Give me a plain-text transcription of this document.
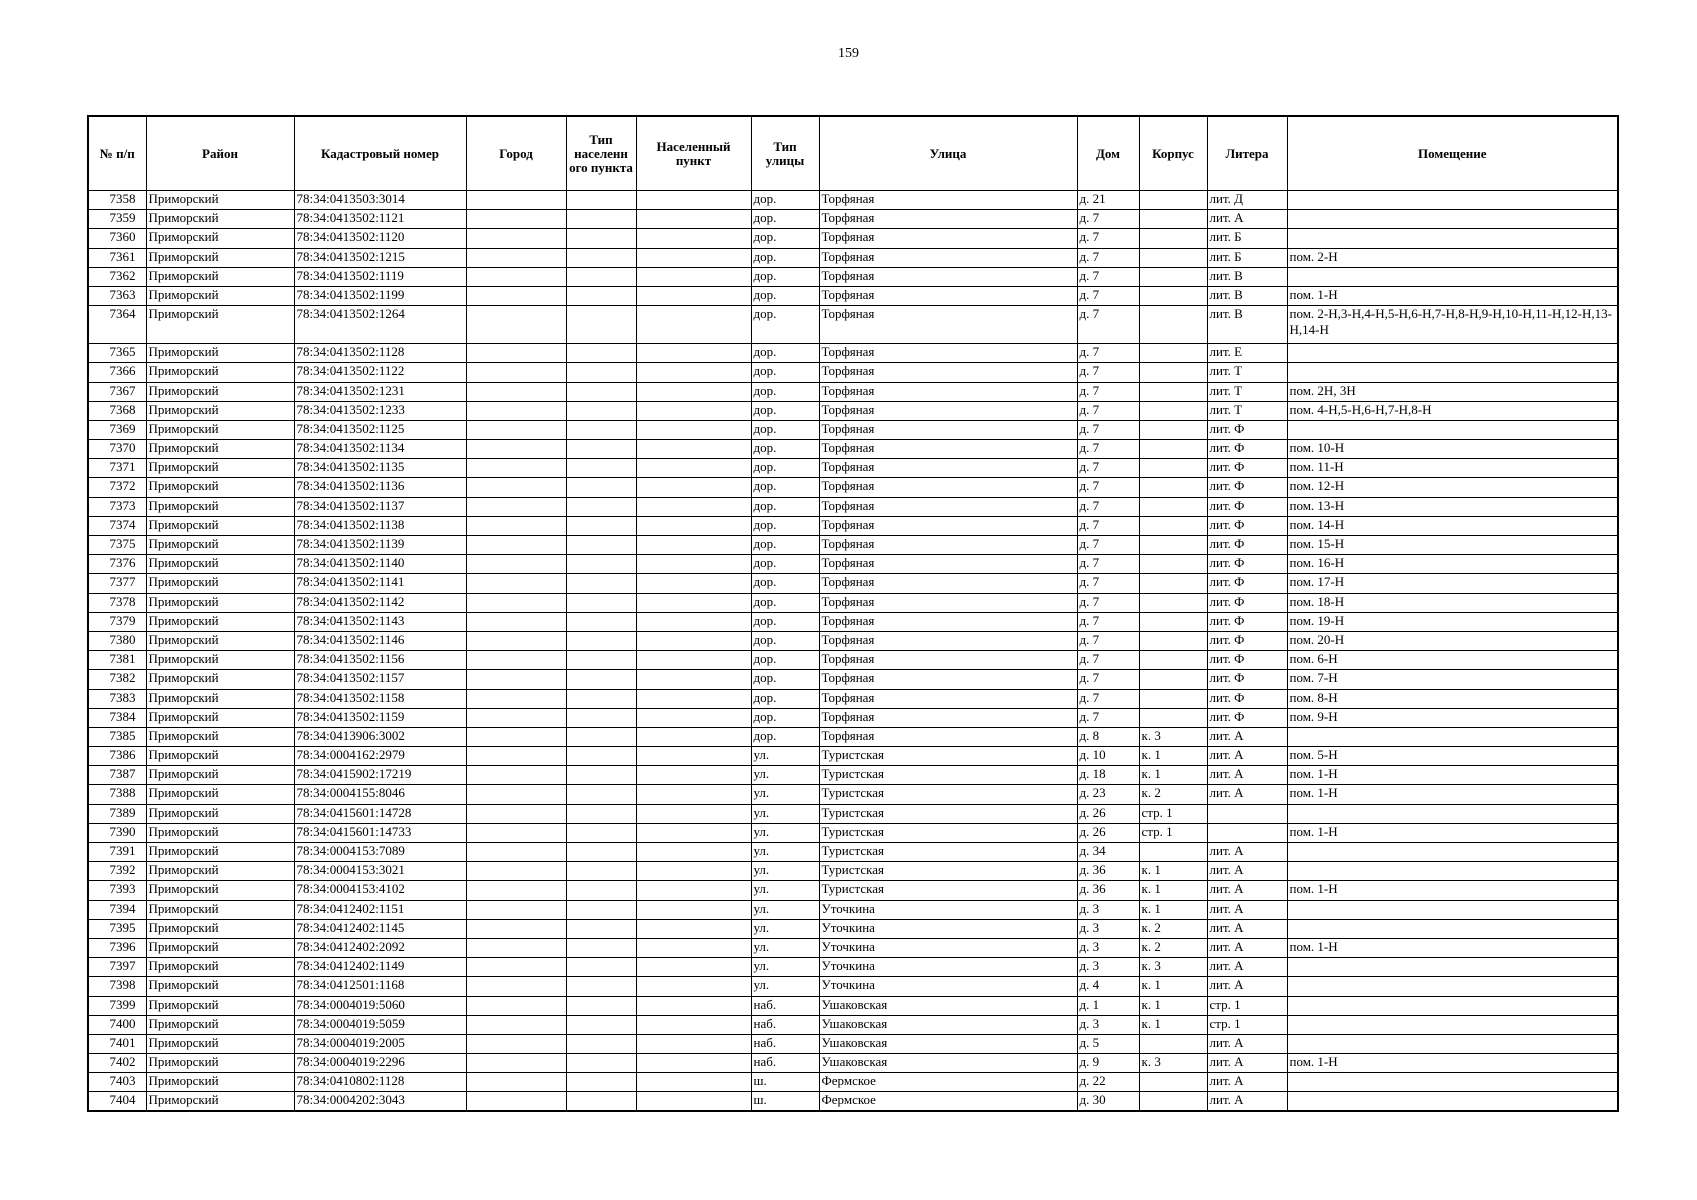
159
№ п/п	Район	Кадастровый номер	Город	Тип населенн ого пункта	Населенный пункт	Тип улицы	Улица	Дом	Корпус	Литера	Помещение
7358	Приморский	78:34:0413503:3014				дор.	Торфяная	д. 21		лит. Д	
7359	Приморский	78:34:0413502:1121				дор.	Торфяная	д. 7		лит. А	
7360	Приморский	78:34:0413502:1120				дор.	Торфяная	д. 7		лит. Б	
7361	Приморский	78:34:0413502:1215				дор.	Торфяная	д. 7		лит. Б	пом. 2-Н
7362	Приморский	78:34:0413502:1119				дор.	Торфяная	д. 7		лит. В	
7363	Приморский	78:34:0413502:1199				дор.	Торфяная	д. 7		лит. В	пом. 1-Н
7364	Приморский	78:34:0413502:1264				дор.	Торфяная	д. 7		лит. В	пом. 2-Н,3-Н,4-Н,5-Н,6-Н,7-Н,8-Н,9-Н,10-Н,11-Н,12-Н,13-Н,14-Н
7365	Приморский	78:34:0413502:1128				дор.	Торфяная	д. 7		лит. Е	
7366	Приморский	78:34:0413502:1122				дор.	Торфяная	д. 7		лит. Т	
7367	Приморский	78:34:0413502:1231				дор.	Торфяная	д. 7		лит. Т	пом. 2Н, 3Н
7368	Приморский	78:34:0413502:1233				дор.	Торфяная	д. 7		лит. Т	пом. 4-Н,5-Н,6-Н,7-Н,8-Н
7369	Приморский	78:34:0413502:1125				дор.	Торфяная	д. 7		лит. Ф	
7370	Приморский	78:34:0413502:1134				дор.	Торфяная	д. 7		лит. Ф	пом. 10-Н
7371	Приморский	78:34:0413502:1135				дор.	Торфяная	д. 7		лит. Ф	пом. 11-Н
7372	Приморский	78:34:0413502:1136				дор.	Торфяная	д. 7		лит. Ф	пом. 12-Н
7373	Приморский	78:34:0413502:1137				дор.	Торфяная	д. 7		лит. Ф	пом. 13-Н
7374	Приморский	78:34:0413502:1138				дор.	Торфяная	д. 7		лит. Ф	пом. 14-Н
7375	Приморский	78:34:0413502:1139				дор.	Торфяная	д. 7		лит. Ф	пом. 15-Н
7376	Приморский	78:34:0413502:1140				дор.	Торфяная	д. 7		лит. Ф	пом. 16-Н
7377	Приморский	78:34:0413502:1141				дор.	Торфяная	д. 7		лит. Ф	пом. 17-Н
7378	Приморский	78:34:0413502:1142				дор.	Торфяная	д. 7		лит. Ф	пом. 18-Н
7379	Приморский	78:34:0413502:1143				дор.	Торфяная	д. 7		лит. Ф	пом. 19-Н
7380	Приморский	78:34:0413502:1146				дор.	Торфяная	д. 7		лит. Ф	пом. 20-Н
7381	Приморский	78:34:0413502:1156				дор.	Торфяная	д. 7		лит. Ф	пом. 6-Н
7382	Приморский	78:34:0413502:1157				дор.	Торфяная	д. 7		лит. Ф	пом. 7-Н
7383	Приморский	78:34:0413502:1158				дор.	Торфяная	д. 7		лит. Ф	пом. 8-Н
7384	Приморский	78:34:0413502:1159				дор.	Торфяная	д. 7		лит. Ф	пом. 9-Н
7385	Приморский	78:34:0413906:3002				дор.	Торфяная	д. 8	к. 3	лит. А	
7386	Приморский	78:34:0004162:2979				ул.	Туристская	д. 10	к. 1	лит. А	пом. 5-Н
7387	Приморский	78:34:0415902:17219				ул.	Туристская	д. 18	к. 1	лит. А	пом. 1-Н
7388	Приморский	78:34:0004155:8046				ул.	Туристская	д. 23	к. 2	лит. А	пом. 1-Н
7389	Приморский	78:34:0415601:14728				ул.	Туристская	д. 26	стр. 1		
7390	Приморский	78:34:0415601:14733				ул.	Туристская	д. 26	стр. 1		пом. 1-Н
7391	Приморский	78:34:0004153:7089				ул.	Туристская	д. 34		лит. А	
7392	Приморский	78:34:0004153:3021				ул.	Туристская	д. 36	к. 1	лит. А	
7393	Приморский	78:34:0004153:4102				ул.	Туристская	д. 36	к. 1	лит. А	пом. 1-Н
7394	Приморский	78:34:0412402:1151				ул.	Уточкина	д. 3	к. 1	лит. А	
7395	Приморский	78:34:0412402:1145				ул.	Уточкина	д. 3	к. 2	лит. А	
7396	Приморский	78:34:0412402:2092				ул.	Уточкина	д. 3	к. 2	лит. А	пом. 1-Н
7397	Приморский	78:34:0412402:1149				ул.	Уточкина	д. 3	к. 3	лит. А	
7398	Приморский	78:34:0412501:1168				ул.	Уточкина	д. 4	к. 1	лит. А	
7399	Приморский	78:34:0004019:5060				наб.	Ушаковская	д. 1	к. 1	стр. 1	
7400	Приморский	78:34:0004019:5059				наб.	Ушаковская	д. 3	к. 1	стр. 1	
7401	Приморский	78:34:0004019:2005				наб.	Ушаковская	д. 5		лит. А	
7402	Приморский	78:34:0004019:2296				наб.	Ушаковская	д. 9	к. 3	лит. А	пом. 1-Н
7403	Приморский	78:34:0410802:1128				ш.	Фермское	д. 22		лит. А	
7404	Приморский	78:34:0004202:3043				ш.	Фермское	д. 30		лит. А	
